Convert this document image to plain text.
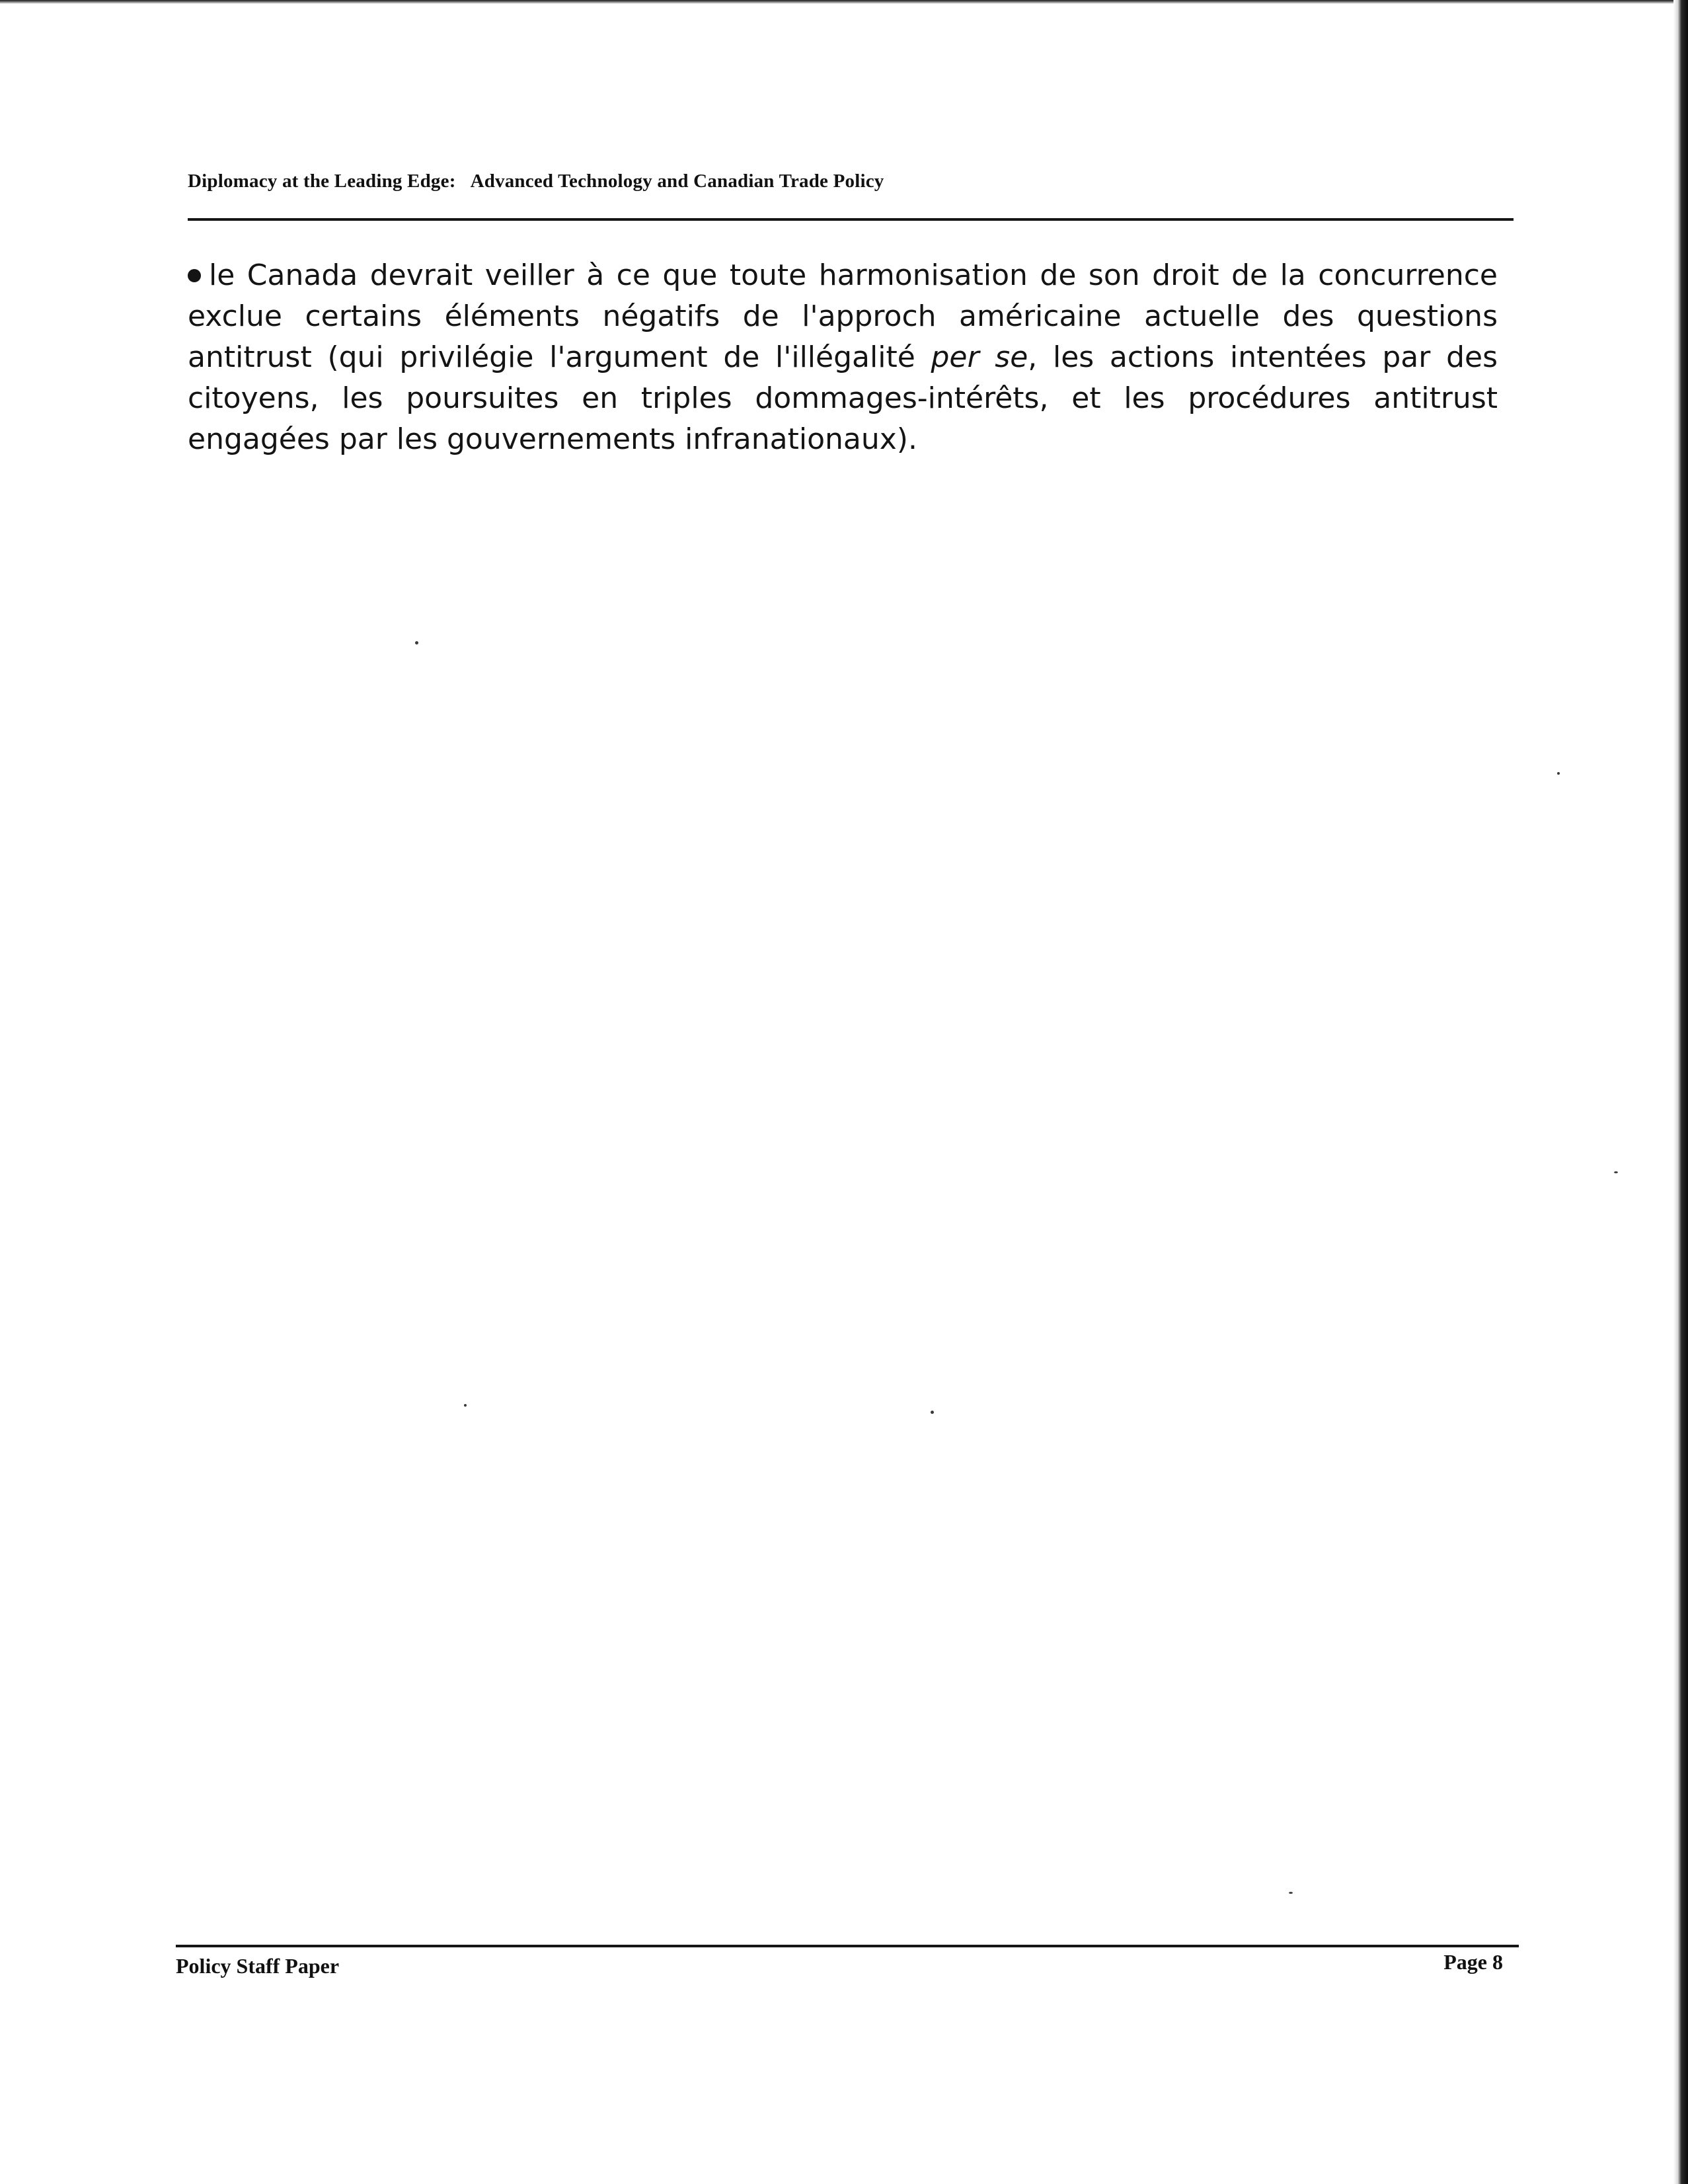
Diplomacy at the Leading Edge: Advanced Technology and Canadian Trade Policy
le Canada devrait veiller à ce que toute harmonisation de son droit de la concurrence exclue certains éléments négatifs de l'approch américaine actuelle des questions antitrust (qui privilégie l'argument de l'illégalité per se, les actions intentées par des citoyens, les poursuites en triples dommages-intérêts, et les procédures antitrust engagées par les gouvernements infranationaux).
Policy Staff Paper	Page 8
